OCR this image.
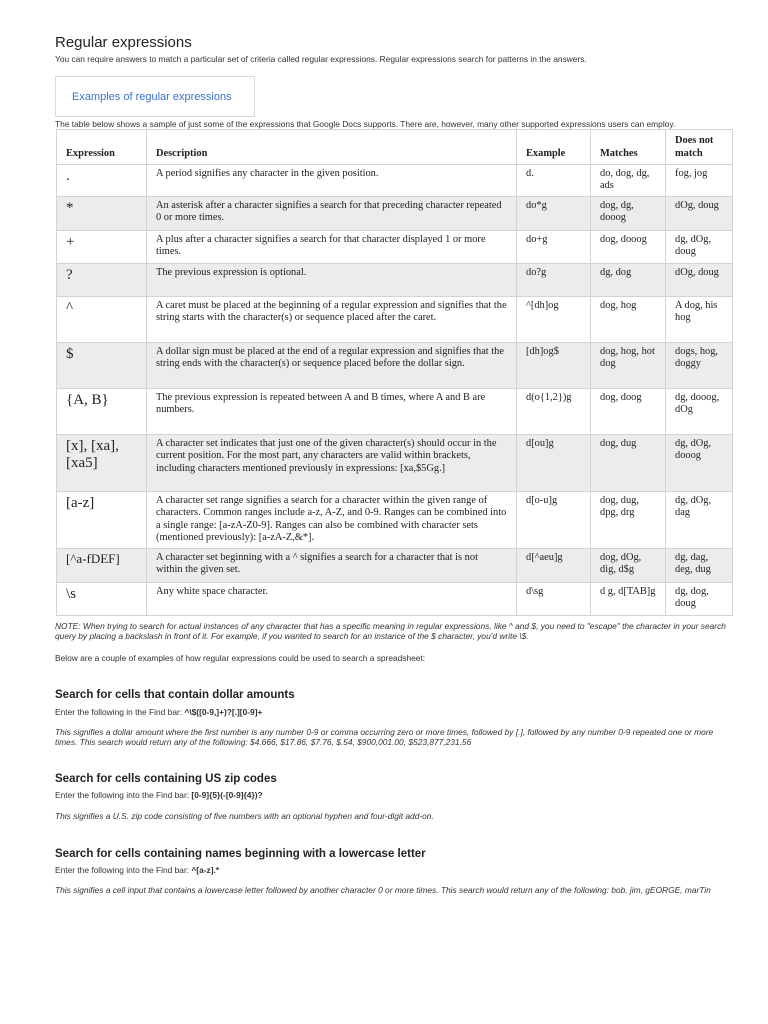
Regular expressions
You can require answers to match a particular set of criteria called regular expressions. Regular expressions search for patterns in the answers.
Examples of regular expressions
The table below shows a sample of just some of the expressions that Google Docs supports. There are, however, many other supported expressions users can employ.
Expression	Description	Example	Matches	Does not match
.	A period signifies any character in the given position.	d.	do, dog, dg, ads	fog, jog
*	An asterisk after a character signifies a search for that preceding character repeated 0 or more times.	do*g	dog, dg, dooog	dOg, doug
+	A plus after a character signifies a search for that character displayed 1 or more times.	do+g	dog, dooog	dg, dOg, doug
?	The previous expression is optional.	do?g	dg, dog	dOg, doug
^	A caret must be placed at the beginning of a regular expression and signifies that the string starts with the character(s) or sequence placed after the caret.	^[dh]og	dog, hog	A dog, his hog
$	A dollar sign must be placed at the end of a regular expression and signifies that the string ends with the character(s) or sequence placed before the dollar sign.	[dh]og$	dog, hog, hot dog	dogs, hog, doggy
{A, B}	The previous expression is repeated between A and B times, where A and B are numbers.	d(o{1,2})g	dog, doog	dg, dooog, dOg
[x], [xa], [xa5]	A character set indicates that just one of the given character(s) should occur in the current position. For the most part, any characters are valid within brackets, including characters mentioned previously in expressions: [xa,$5Gg.]	d[ou]g	dog, dug	dg, dOg, dooog
[a-z]	A character set range signifies a search for a character within the given range of characters. Common ranges include a-z, A-Z, and 0-9. Ranges can be combined into a single range: [a-zA-Z0-9]. Ranges can also be combined with character sets (mentioned previously): [a-zA-Z,&*].	d[o-u]g	dog, dug, dpg, drg	dg, dOg, dag
[^a-fDEF]	A character set beginning with a ^ signifies a search for a character that is not within the given set.	d[^aeu]g	dog, dOg, dig, d$g	dg, dag, deg, dug
\s	Any white space character.	d\sg	d g, d[TAB]g	dg, dog, doug
NOTE: When trying to search for actual instances of any character that has a specific meaning in regular expressions, like ^ and $, you need to "escape" the character in your search query by placing a backslash in front of it. For example, if you wanted to search for an instance of the $ character, you'd write \$.
Below are a couple of examples of how regular expressions could be used to search a spreadsheet:
Search for cells that contain dollar amounts
Enter the following in the Find bar: ^\$([0-9,]+)?[.][0-9]+
This signifies a dollar amount where the first number is any number 0-9 or comma occurring zero or more times, followed by [.], followed by any number 0-9 repeated one or more times. This search would return any of the following: $4.666, $17.86, $7.76, $.54, $900,001.00, $523,877,231.56
Search for cells containing US zip codes
Enter the following into the Find bar: [0-9]{5}(-[0-9]{4})?
This signifies a U.S. zip code consisting of five numbers with an optional hyphen and four-digit add-on.
Search for cells containing names beginning with a lowercase letter
Enter the following into the Find bar: ^[a-z].*
This signifies a cell input that contains a lowercase letter followed by another character 0 or more times. This search would return any of the following: bob, jim, gEORGE, marTin
